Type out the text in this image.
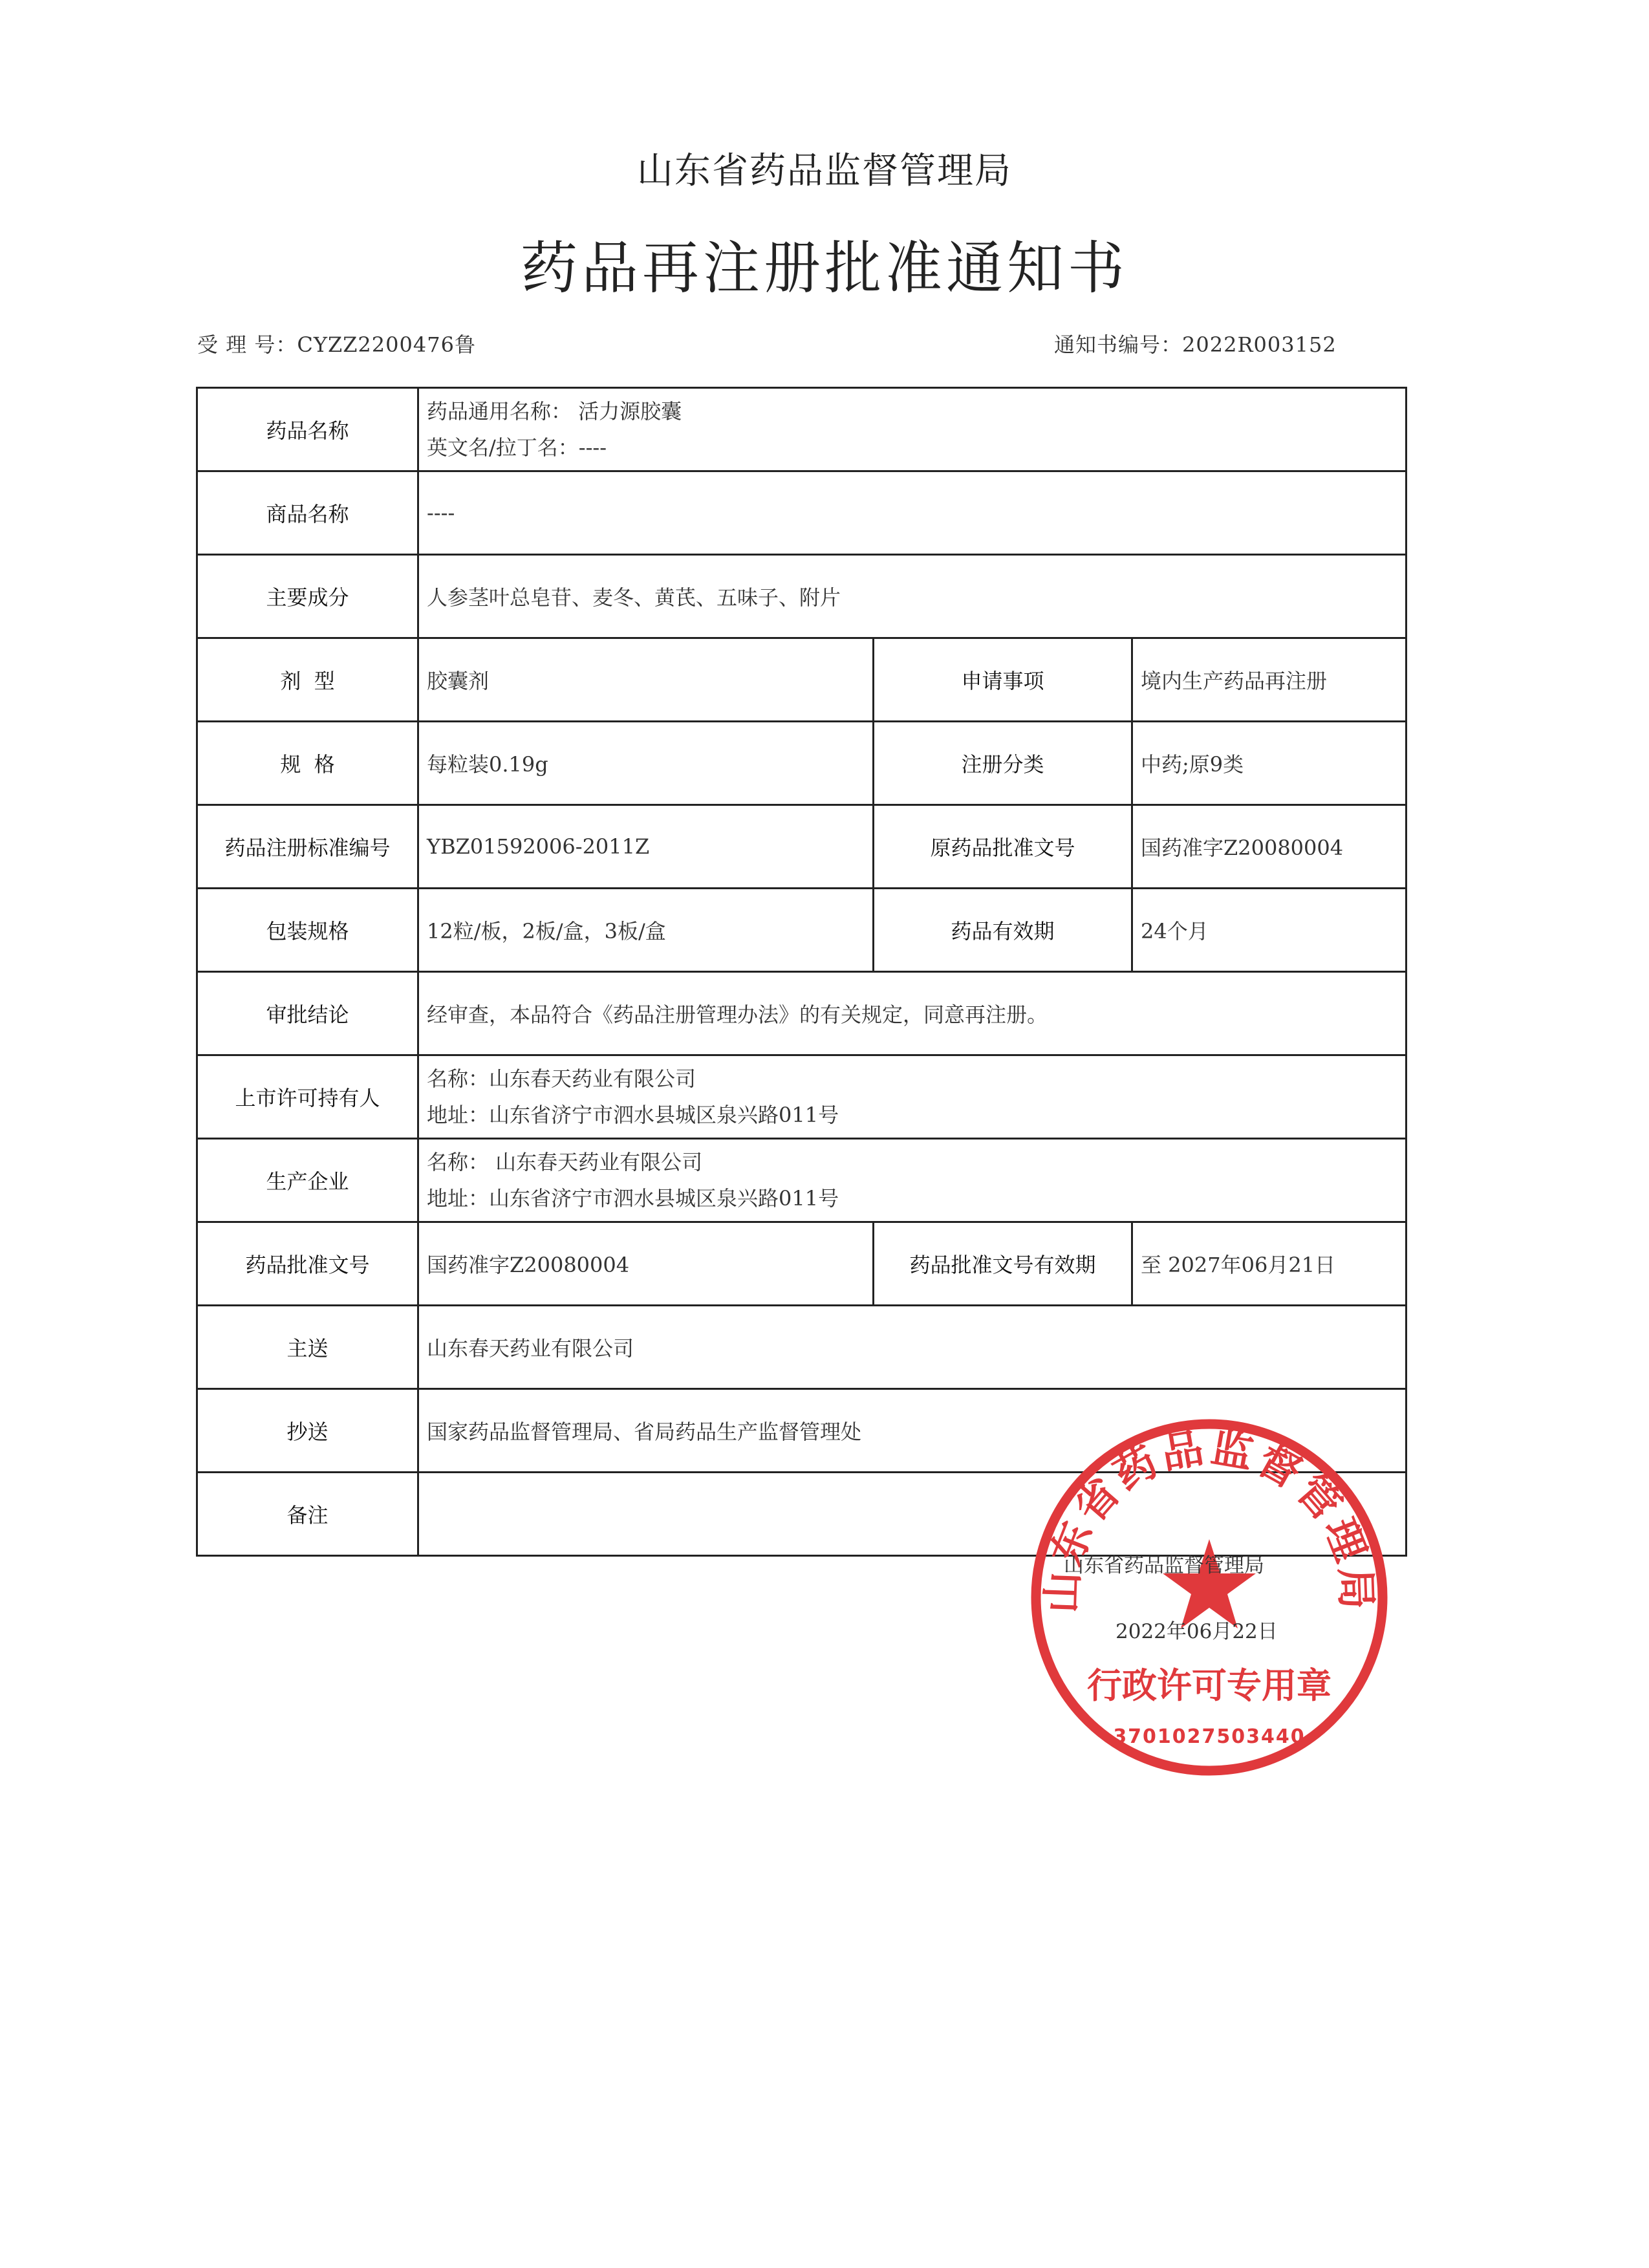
山东省药品监督管理局
药品再注册批准通知书
受 理 号：CYZZ2200476鲁	通知书编号：2022R003152
药品名称	药品通用名称： 活力源胶囊
英文名/拉丁名：----		

商品名称	----		
主要成分	人参茎叶总皂苷、麦冬、黄芪、五味子、附片		
剂  型	胶囊剂	申请事项	境内生产药品再注册
规  格	每粒装0.19g	注册分类	中药;原9类
药品注册标准编号	YBZ01592006-2011Z	原药品批准文号	国药准字Z20080004
包装规格	12粒/板，2板/盒，3板/盒	药品有效期	24个月
审批结论	经审查，本品符合《药品注册管理办法》的有关规定，同意再注册。		
上市许可持有人	名称：山东春天药业有限公司
地址：山东省济宁市泗水县城区泉兴路011号		

生产企业	名称： 山东春天药业有限公司
地址：山东省济宁市泗水县城区泉兴路011号		

药品批准文号	国药准字Z20080004	药品批准文号有效期	至 2027年06月21日
主送	山东春天药业有限公司		
抄送	国家药品监督管理局、省局药品生产监督管理处		
备注			
山东省药品监督管理局
行政许可专用章
3701027503440
山东省药品监督管理局
2022年06月22日
